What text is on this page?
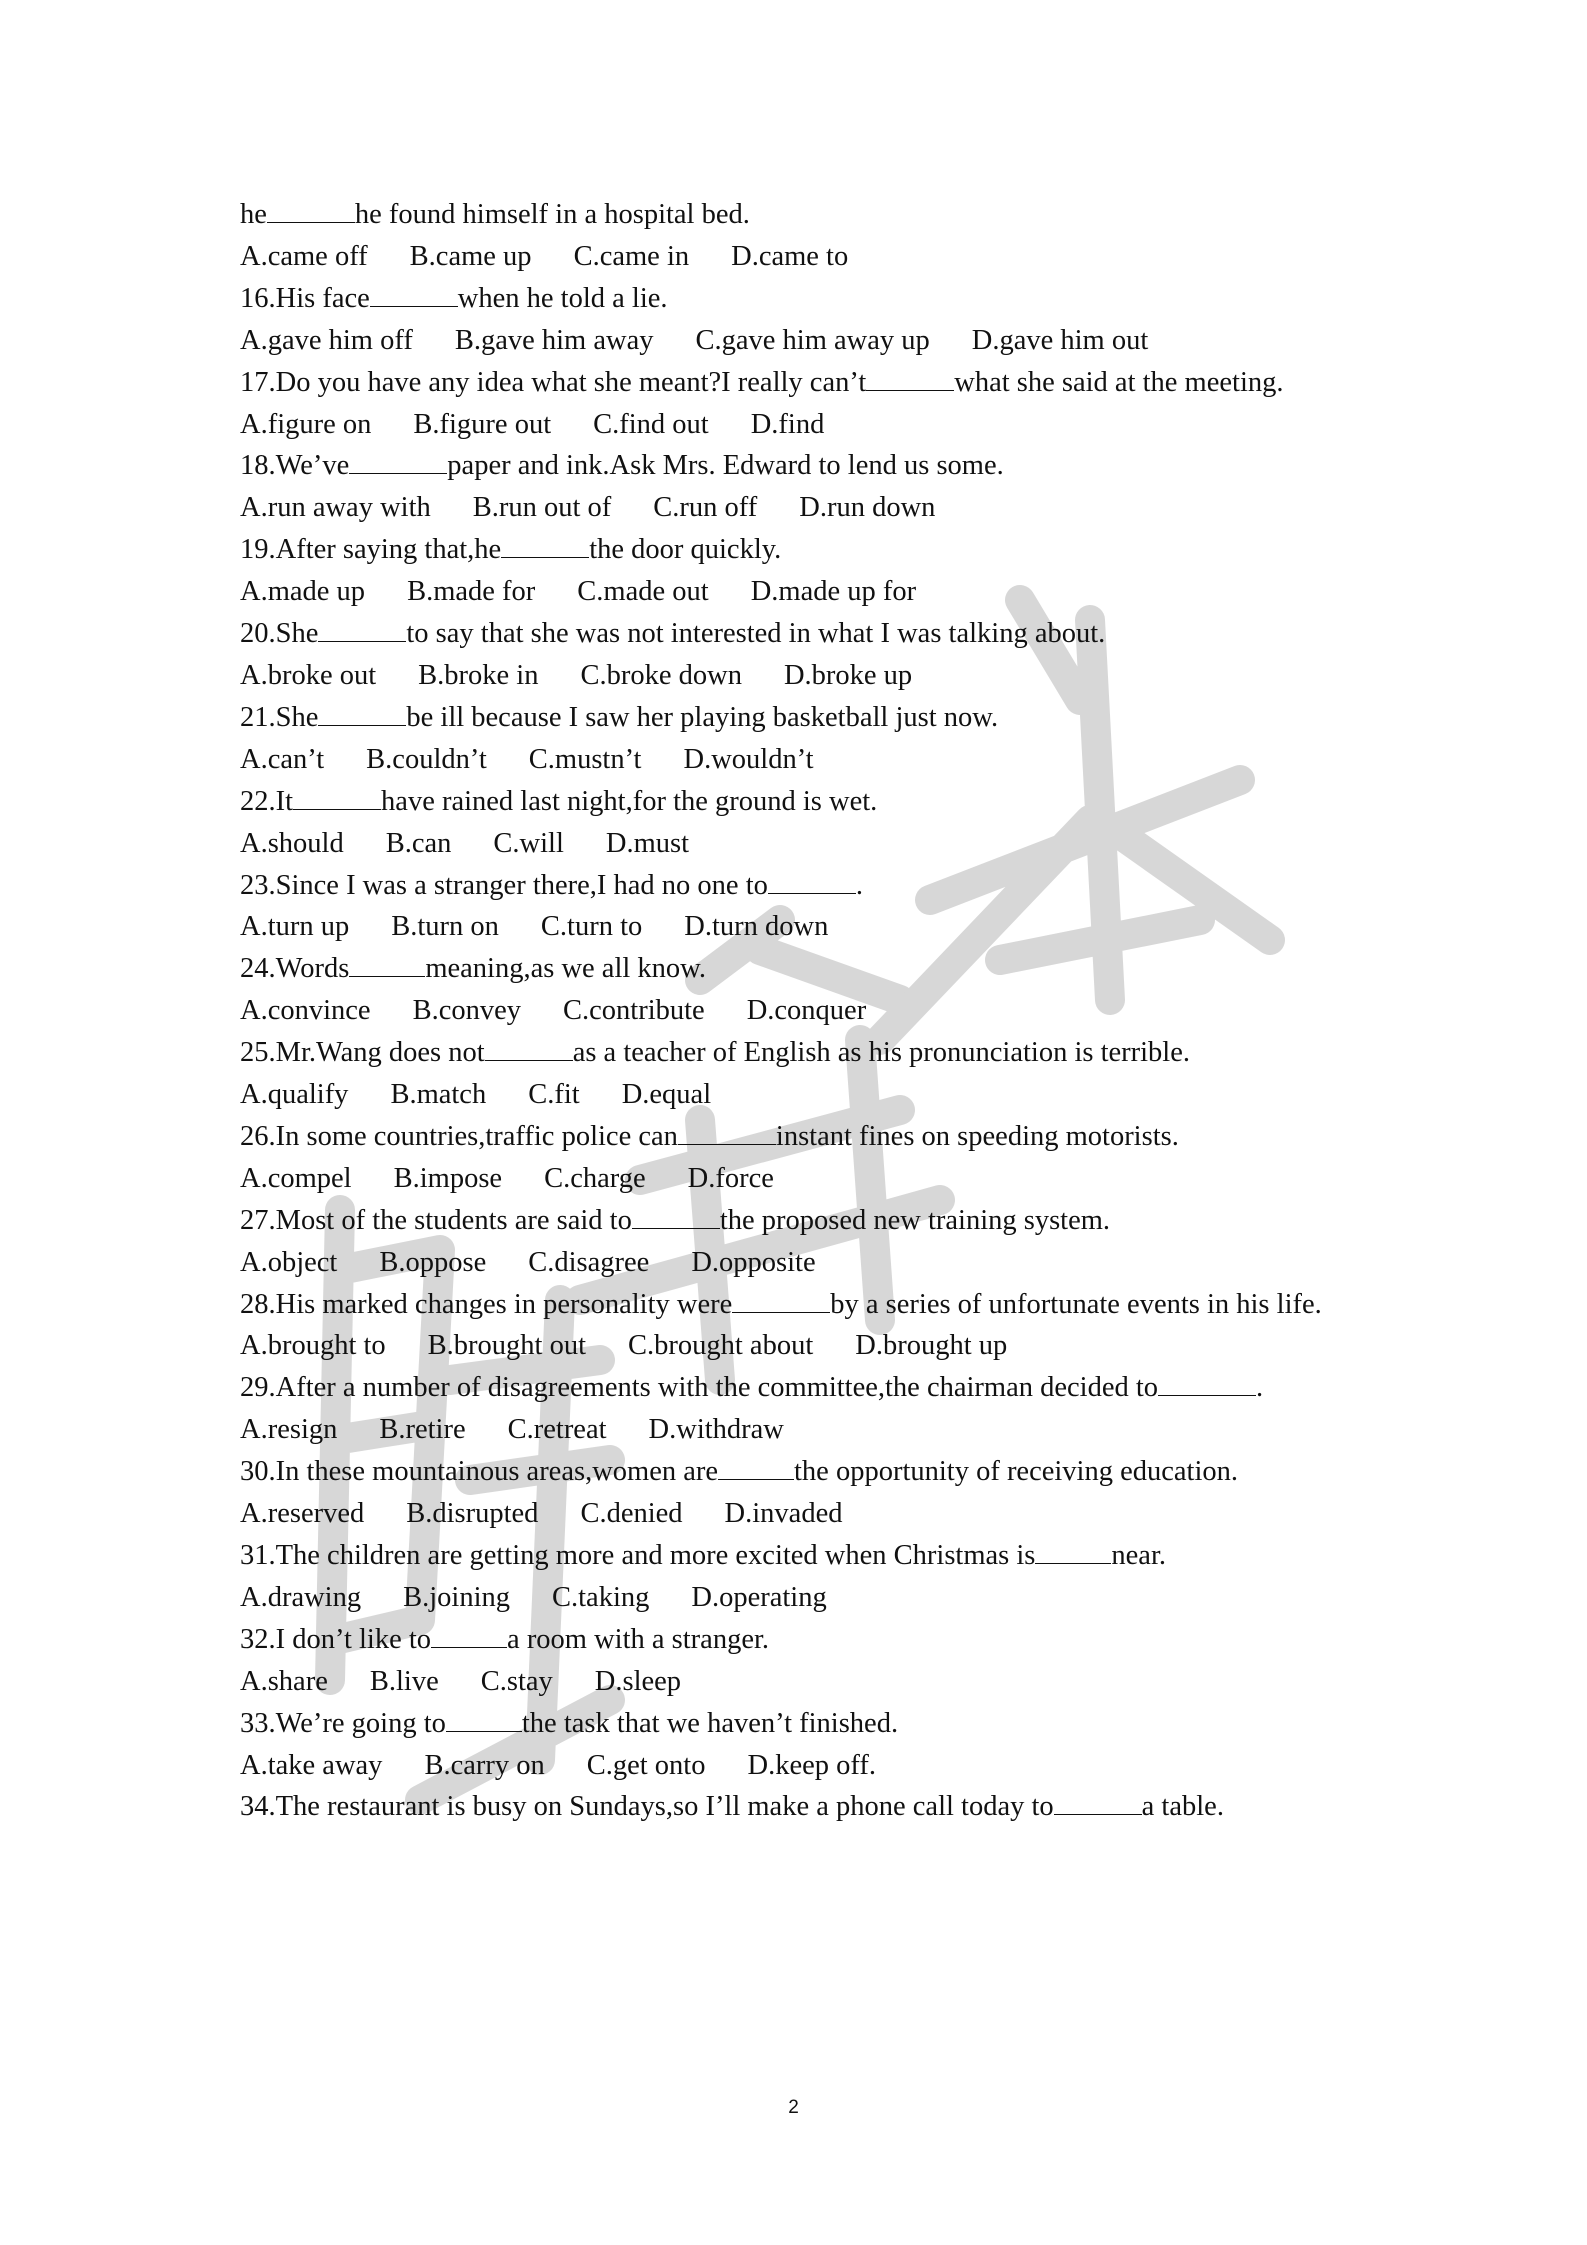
he	he found himself in a hospital bed.
A.came off B.came up C.came in D.came to
16.His face	when he told a lie.
A.gave him off B.gave him away C.gave him away up D.gave him out
17.Do you have any idea what she meant?I really can’t	what she said at the meeting.
A.figure on B.figure out C.find out D.find
18.We’ve	paper and ink.Ask Mrs. Edward to lend us some.
A.run away with B.run out of C.run off D.run down
19.After saying that,he	the door quickly.
A.made up B.made for C.made out D.made up for
20.She	to say that she was not interested in what I was talking about.
A.broke out B.broke in C.broke down D.broke up
21.She	be ill because I saw her playing basketball just now.
A.can’t B.couldn’t C.mustn’t D.wouldn’t
22.It	have rained last night,for the ground is wet.
A.should B.can C.will D.must
23.Since I was a stranger there,I had no one to	.
A.turn up B.turn on C.turn to D.turn down
24.Words	meaning,as we all know.
A.convince B.convey C.contribute D.conquer
25.Mr.Wang does not	as a teacher of English as his pronunciation is terrible.
A.qualify B.match C.fit D.equal
26.In some countries,traffic police can	instant fines on speeding motorists.
A.compel B.impose C.charge D.force
27.Most of the students are said to	the proposed new training system.
A.object B.oppose C.disagree D.opposite
28.His marked changes in personality were	by a series of unfortunate events in his life.
A.brought to B.brought out C.brought about D.brought up
29.After a number of disagreements with the committee,the chairman decided to	.
A.resign B.retire C.retreat D.withdraw
30.In these mountainous areas,women are	the opportunity of receiving education.
A.reserved B.disrupted C.denied D.invaded
31.The children are getting more and more excited when Christmas is	near.
A.drawing B.joining C.taking D.operating
32.I don’t like to	a room with a stranger.
A.share B.live C.stay D.sleep
33.We’re going to	the task that we haven’t finished.
A.take away B.carry on C.get onto D.keep off.
34.The restaurant is busy on Sundays,so I’ll make a phone call today to	a table.
2
